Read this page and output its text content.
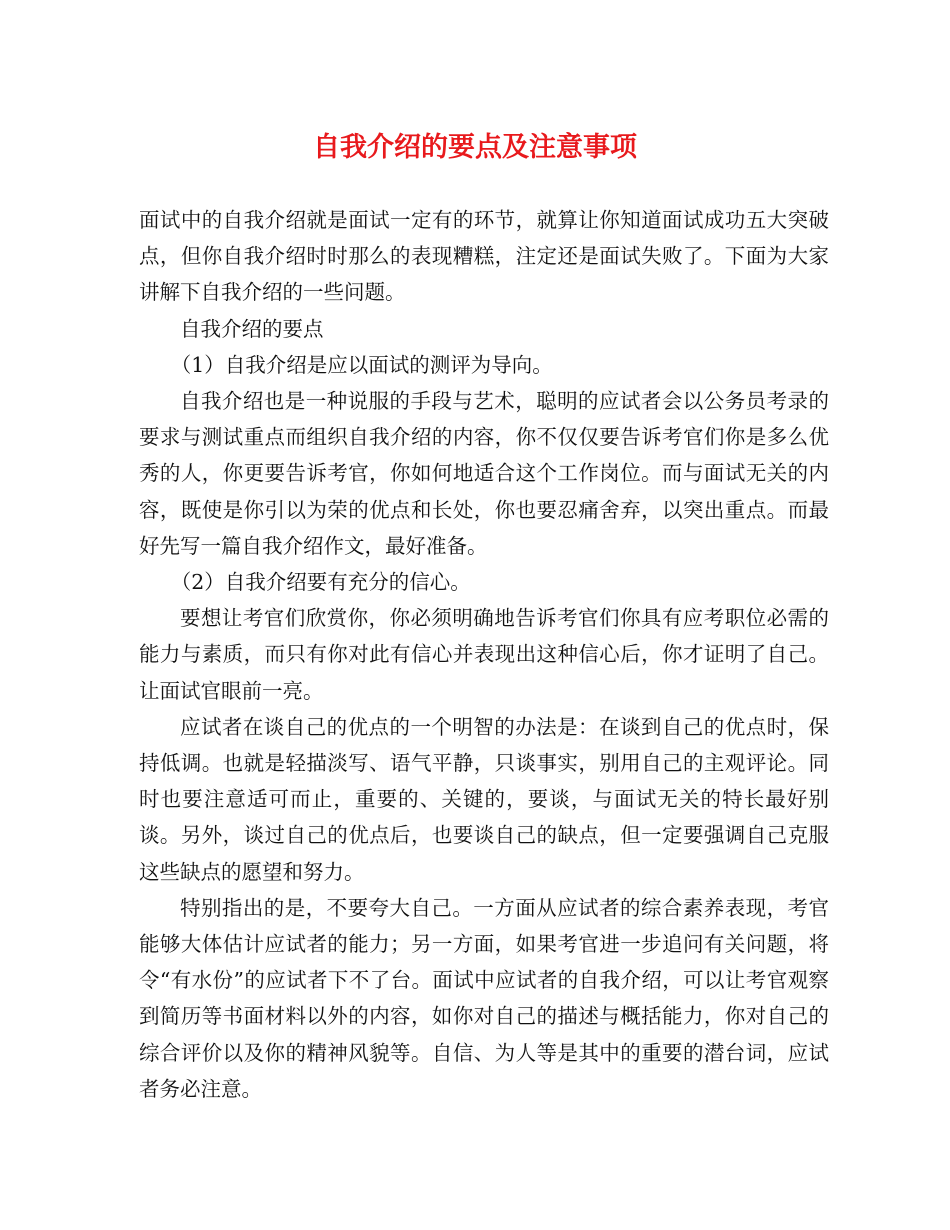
自我介绍的要点及注意事项

面试中的自我介绍就是面试一定有的环节，就算让你知道面试成功五大突破点，但你自我介绍时时那么的表现糟糕，注定还是面试失败了。下面为大家讲解下自我介绍的一些问题。

自我介绍的要点

（1）自我介绍是应以面试的测评为导向。

自我介绍也是一种说服的手段与艺术，聪明的应试者会以公务员考录的要求与测试重点而组织自我介绍的内容，你不仅仅要告诉考官们你是多么优秀的人，你更要告诉考官，你如何地适合这个工作岗位。而与面试无关的内容，既使是你引以为荣的优点和长处，你也要忍痛舍弃，以突出重点。而最好先写一篇自我介绍作文，最好准备。

（2）自我介绍要有充分的信心。

要想让考官们欣赏你，你必须明确地告诉考官们你具有应考职位必需的能力与素质，而只有你对此有信心并表现出这种信心后，你才证明了自己。让面试官眼前一亮。

应试者在谈自己的优点的一个明智的办法是：在谈到自己的优点时，保持低调。也就是轻描淡写、语气平静，只谈事实，别用自己的主观评论。同时也要注意适可而止，重要的、关键的，要谈，与面试无关的特长最好别谈。另外，谈过自己的优点后，也要谈自己的缺点，但一定要强调自己克服这些缺点的愿望和努力。

特别指出的是，不要夸大自己。一方面从应试者的综合素养表现，考官能够大体估计应试者的能力；另一方面，如果考官进一步追问有关问题，将令“有水份”的应试者下不了台。面试中应试者的自我介绍，可以让考官观察到简历等书面材料以外的内容，如你对自己的描述与概括能力，你对自己的综合评价以及你的精神风貌等。自信、为人等是其中的重要的潜台词，应试者务必注意。
